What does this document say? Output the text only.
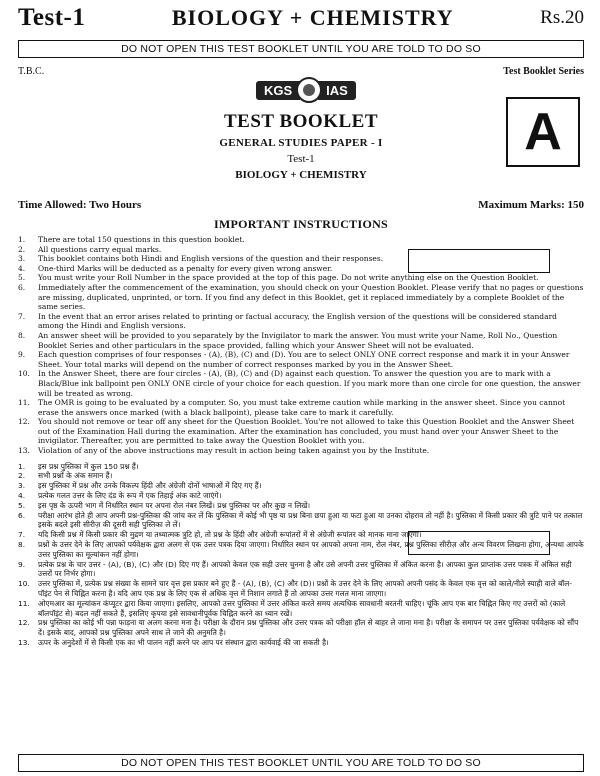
Test-1	BIOLOGY + CHEMISTRY	Rs.20
DO NOT OPEN THIS TEST BOOKLET UNTIL YOU ARE TOLD TO DO SO
T.B.C.	Test Booklet Series
KGS	IAS
TEST BOOKLET
GENERAL STUDIES PAPER - I
Test-1
BIOLOGY + CHEMISTRY
A
Time Allowed: Two Hours	Maximum Marks: 150
IMPORTANT INSTRUCTIONS
1. There are total 150 questions in this question booklet.
2. All questions carry equal marks.
3. This booklet contains both Hindi and English versions of the question and their responses.
4. One-third Marks will be deducted as a penalty for every given wrong answer.
5. You must write your Roll Number in the space provided at the top of this page. Do not write anything else on the Question Booklet.
6. Immediately after the commencement of the examination, you should check on your Question Booklet. Please verify that no pages or questions are missing, duplicated, unprinted, or torn. If you find any defect in this Booklet, get it replaced immediately by a complete Booklet of the same series.
7. In the event that an error arises related to printing or factual accuracy, the English version of the questions will be considered standard among the Hindi and English versions.
8. An answer sheet will be provided to you separately by the Invigilator to mark the answer. You must write your Name, Roll No., Question Booklet Series and other particulars in the space provided, falling which your Answer Sheet will not be evaluated.
9. Each question comprises of four responses - (A), (B), (C) and (D). You are to select ONLY ONE correct response and mark it in your Answer Sheet. Your total marks will depend on the number of correct responses marked by you in the Answer Sheet.
10. In the Answer Sheet, there are four circles - (A), (B), (C) and (D) against each question. To answer the question you are to mark with a Black/Blue ink ballpoint pen ONLY ONE circle of your choice for each question. If you mark more than one circle for one question, the answer will be treated as wrong.
11. The OMR is going to be evaluated by a computer. So, you must take extreme caution while marking in the answer sheet. Since you cannot erase the answers once marked (with a black ballpoint), please take care to mark it carefully.
12. You should not remove or tear off any sheet for the Question Booklet. You're not allowed to take this Question Booklet and the Answer Sheet out of the Examination Hall during the examination. After the examination has concluded, you must hand over your Answer Sheet to the invigilator. Thereafter, you are permitted to take away the Question Booklet with you.
13. Violation of any of the above instructions may result in action being taken against you by the Institute.
1. इस प्रश्न पुस्तिका में कुल 150 प्रश्न हैं।
2. सभी प्रश्नों के अंक समान हैं।
3. इस पुस्तिका में प्रश्न और उनके विकल्प हिंदी और अंग्रेजी दोनों भाषाओं में दिए गए हैं।
4. प्रत्येक गलत उत्तर के लिए दंड के रूप में एक तिहाई अंक काटे जाएंगे।
5. इस पृष्ठ के ऊपरी भाग में निर्धारित स्थान पर अपना रोल नंबर लिखें। प्रश्न पुस्तिका पर और कुछ न लिखें।
6. परीक्षा आरंभ होते ही आप अपनी प्रश्न-पुस्तिका की जांच कर लें कि पुस्तिका में कोई भी पृष्ठ या प्रश्न बिना छपा हुआ या फटा हुआ या उनका दोहराव तो नहीं है। पुस्तिका में किसी प्रकार की त्रुटि पाने पर तत्काल इसके बदले इसी सीरीज़ की दूसरी सही पुस्तिका ले लें।
7. यदि किसी प्रश्न में किसी प्रकार की मुद्रण या तथ्यात्मक त्रुटि हो, तो प्रश्न के हिंदी और अंग्रेजी रूपांतरों में से अंग्रेजी रूपांतर को मानक माना जाएगा।
8. प्रश्नों के उत्तर देने के लिए आपको पर्यवेक्षक द्वारा अलग से एक उत्तर पत्रक दिया जाएगा। निर्धारित स्थान पर आपको अपना नाम, रोल नंबर, प्रश्न पुस्तिका सीरीज़ और अन्य विवरण लिखना होगा, अन्यथा आपके उत्तर पुस्तिका का मूल्यांकन नहीं होगा।
9. प्रत्येक प्रश्न के चार उत्तर - (A), (B), (C) और (D) दिए गए हैं। आपको केवल एक सही उत्तर चुनना है और उसे अपनी उत्तर पुस्तिका में अंकित करना है। आपका कुल प्राप्तांक उत्तर पत्रक में अंकित सही उत्तरों पर निर्भर होगा।
10. उत्तर पुस्तिका में, प्रत्येक प्रश्न संख्या के सामने चार वृत्त इस प्रकार बने हुए हैं - (A), (B), (C) और (D)। प्रश्नों के उत्तर देने के लिए आपको अपनी पसंद के केवल एक वृत्त को काले/नीले स्याही वाले बॉल-पॉइंट पेन से चिह्नित करना है। यदि आप एक प्रश्न के लिए एक से अधिक वृत्त में निशान लगाते हैं तो आपका उत्तर गलत माना जाएगा।
11. ओएमआर का मूल्यांकन कंप्यूटर द्वारा किया जाएगा। इसलिए, आपको उत्तर पुस्तिका में उत्तर अंकित करते समय अत्यधिक सावधानी बरतनी चाहिए। चूंकि आप एक बार चिह्नित किए गए उत्तरों को (काले बॉलपॉइंट से) बदल नहीं सकते हैं, इसलिए कृपया इसे सावधानीपूर्वक चिह्नित करने का ध्यान रखें।
12. प्रश्न पुस्तिका का कोई भी पन्ना फाड़ना या अलग करना मना है। परीक्षा के दौरान प्रश्न पुस्तिका और उत्तर पत्रक को परीक्षा हॉल से बाहर ले जाना मना है। परीक्षा के समापन पर उत्तर पुस्तिका पर्यवेक्षक को सौंप दें। इसके बाद, आपको प्रश्न पुस्तिका अपने साथ ले जाने की अनुमति है।
13. ऊपर के अनुदेशों में से किसी एक का भी पालन नहीं करने पर आप पर संस्थान द्वारा कार्यवाई की जा सकती है।
DO NOT OPEN THIS TEST BOOKLET UNTIL YOU ARE TOLD TO DO SO
